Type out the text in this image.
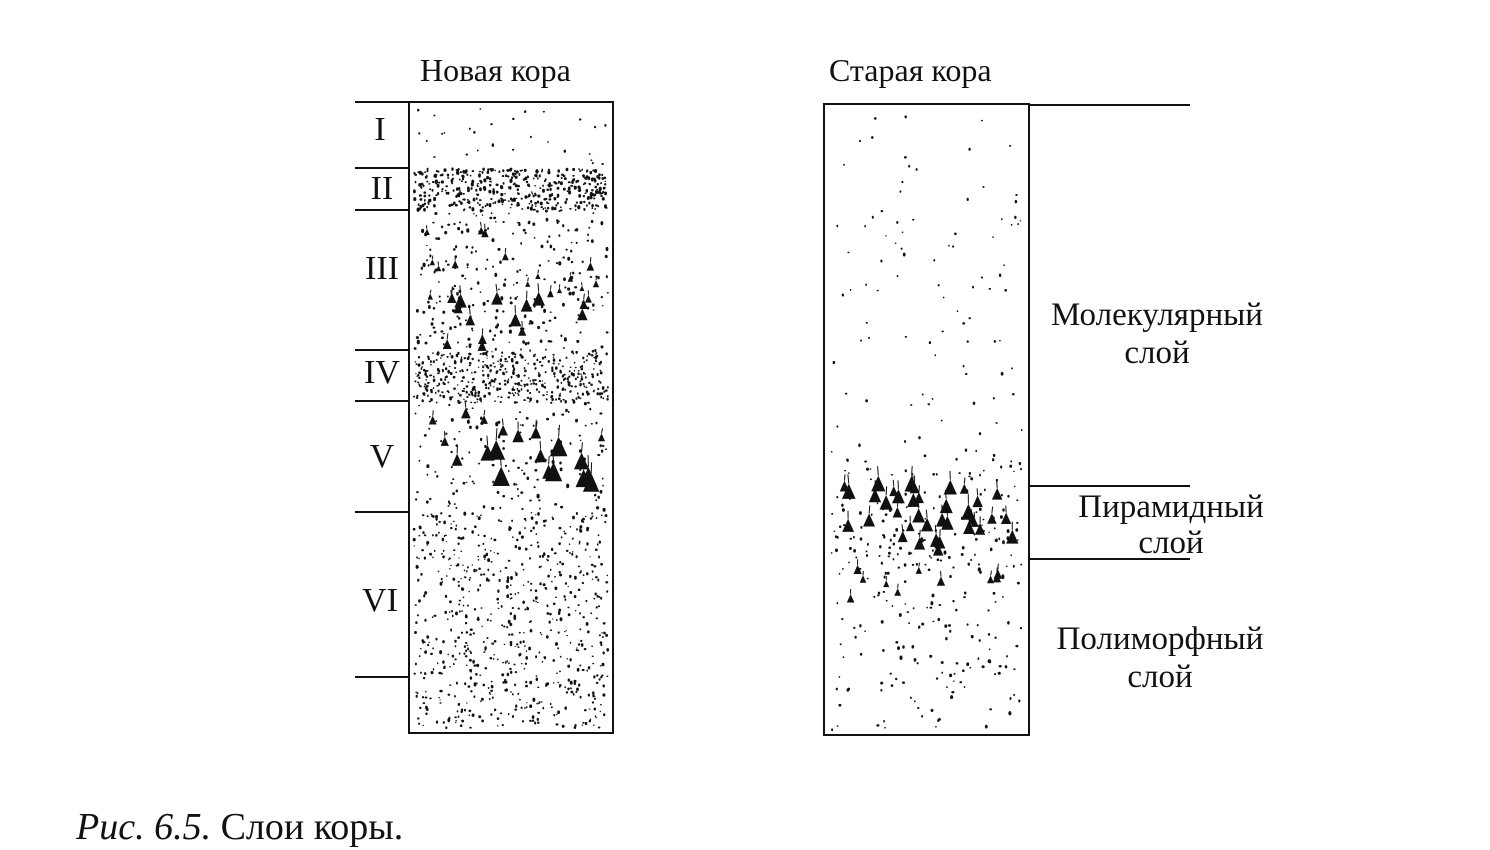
Новая кора	Старая кора
I
II
III
IV
V
VI
Молекулярный
слой
Пирамидный
слой
Полиморфный
слой
Рис. 6.5. Слои коры.
